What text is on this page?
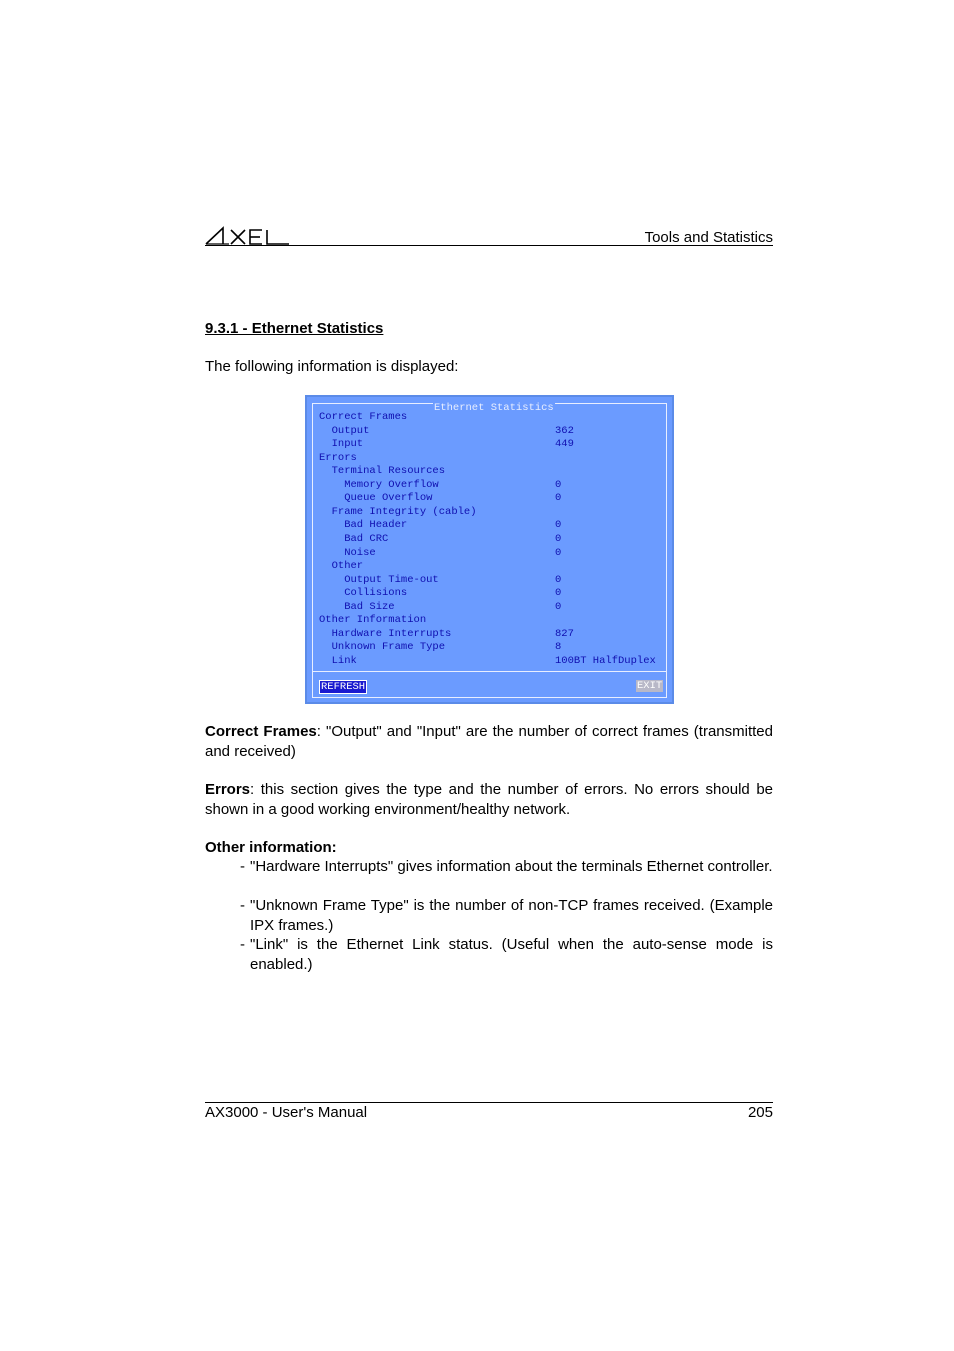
Tools and Statistics
9.3.1 - Ethernet Statistics
The following information is displayed:
Ethernet Statistics
Correct Frames
Output	362
Input	449
Errors
Terminal Resources
Memory Overflow	0
Queue Overflow	0
Frame Integrity (cable)
Bad Header	0
Bad CRC	0
Noise	0
Other
Output Time-out	0
Collisions	0
Bad Size	0
Other Information
Hardware Interrupts	827
Unknown Frame Type	8
Link	100BT HalfDuplex
REFRESH	EXIT
Correct Frames: "Output" and "Input" are the number of correct frames (transmitted and received)
Errors: this section gives the type and the number of errors. No errors should be shown in a good working environment/healthy network.
Other information:
- "Hardware Interrupts" gives information about the terminals Ethernet controller.
- "Unknown Frame Type" is the number of non-TCP frames received. (Example IPX frames.)
- "Link" is the Ethernet Link status. (Useful when the auto-sense mode is enabled.)
AX3000 - User's Manual	205
